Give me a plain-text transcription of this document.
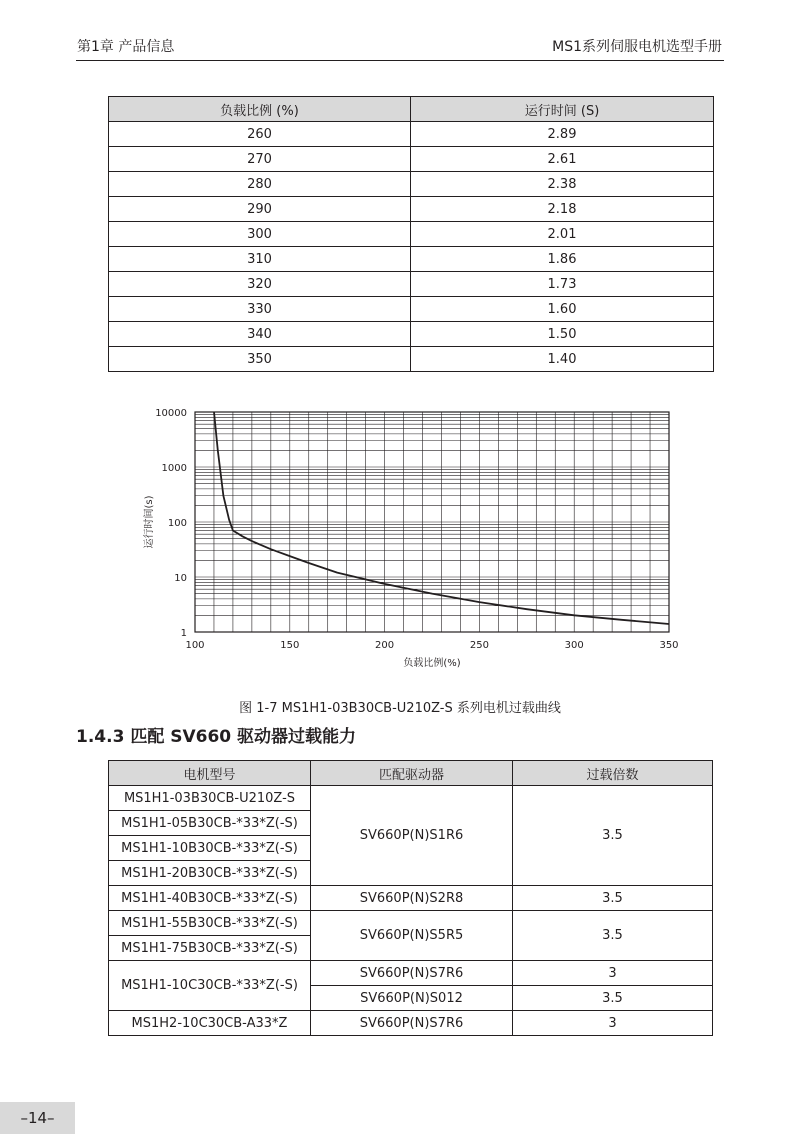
第1章 产品信息	MS1系列伺服电机选型手册
负载比例 (%)	运行时间 (S)
260	2.89
270	2.61
280	2.38
290	2.18
300	2.01
310	1.86
320	1.73
330	1.60
340	1.50
350	1.40
100	150	200	250	300	350
1
10
100
1000
10000
负载比例(%)
运行时间(s)
图 1-7 MS1H1-03B30CB-U210Z-S 系列电机过载曲线
1.4.3 匹配 SV660 驱动器过载能力
电机型号	匹配驱动器	过载倍数
MS1H1-03B30CB-U210Z-S	SV660P(N)S1R6	3.5
MS1H1-05B30CB-*33*Z(-S)		
MS1H1-10B30CB-*33*Z(-S)		
MS1H1-20B30CB-*33*Z(-S)		
MS1H1-40B30CB-*33*Z(-S)	SV660P(N)S2R8	3.5
MS1H1-55B30CB-*33*Z(-S)	SV660P(N)S5R5	3.5
MS1H1-75B30CB-*33*Z(-S)		
MS1H1-10C30CB-*33*Z(-S)	SV660P(N)S7R6	3
	SV660P(N)S012	3.5
MS1H2-10C30CB-A33*Z	SV660P(N)S7R6	3
–14–
